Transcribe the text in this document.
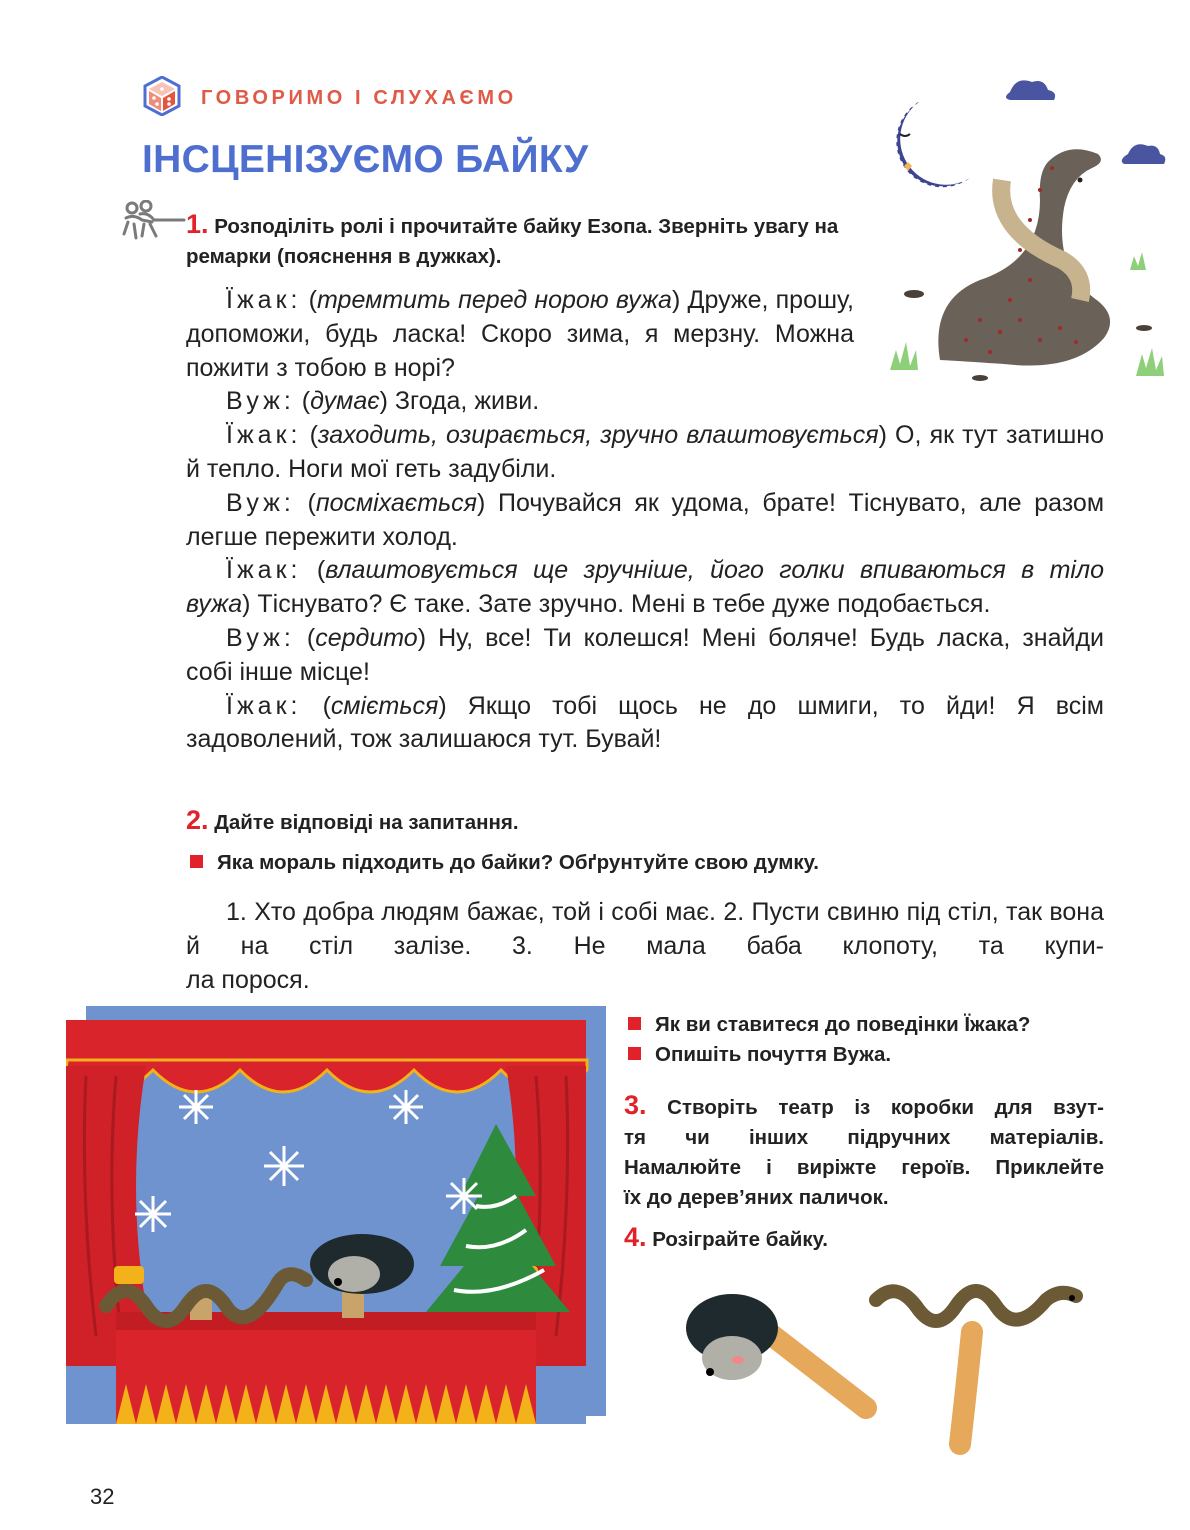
ГОВОРИМО І СЛУХАЄМО
ІНСЦЕНІЗУЄМО БАЙКУ
1. Розподіліть ролі і прочитайте байку Езопа. Зверніть увагу на ремарки (пояснення в дужках).

Їжак: (тремтить перед норою вужа) Друже, прошу, допоможи, будь ласка! Скоро зима, я мерзну. Можна пожити з тобою в норі?

Вуж: (думає) Згода, живи.

Їжак: (заходить, озирається, зручно влаштовується) О, як тут затишно й тепло. Ноги мої геть задубіли.

Вуж: (посміхається) Почувайся як удома, брате! Тіснувато, але разом легше пережити холод.

Їжак: (влаштовується ще зручніше, його голки впиваються в тіло вужа) Тіснувато? Є таке. Зате зручно. Мені в тебе дуже подобається.

Вуж: (сердито) Ну, все! Ти колешся! Мені боляче! Будь ласка, знайди собі інше місце!

Їжак: (сміється) Якщо тобі щось не до шмиги, то йди! Я всім задоволений, тож залишаюся тут. Бувай!

2. Дайте відповіді на запитання.
Яка мораль підходить до байки? Обґрунтуйте свою думку.

1. Хто добра людям бажає, той і собі має. 2. Пусти свиню під стіл, так вона й на стіл залізе. 3. Не мала баба клопоту, та купи-

ла порося.

Як ви ставитеся до поведінки Їжака?
Опишіть почуття Вужа.
3. Створіть театр із коробки для взут-
тя чи інших підручних матеріалів.
Намалюйте і виріжте героїв. Приклейте
їх до дерев’яних паличок.
4. Розіграйте байку.
32
